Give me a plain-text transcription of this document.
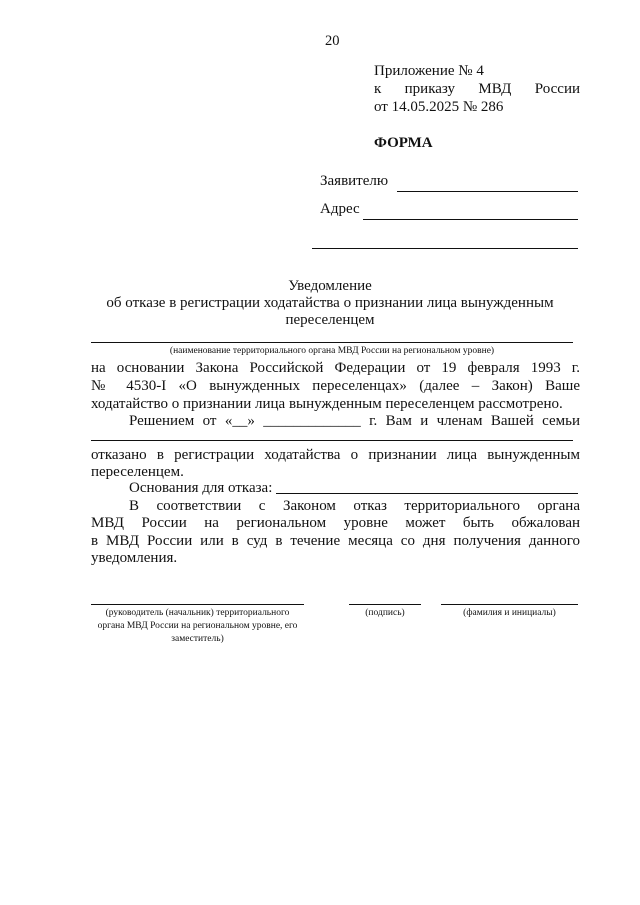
20
Приложение № 4
к приказу МВД России
от 14.05.2025 № 286
ФОРМА
Заявителю
Адрес
Уведомление
об отказе в регистрации ходатайства о признании лица вынужденным
переселенцем
(наименование территориального органа МВД России на региональном уровне)
на основании Закона Российской Федерации от 19 февраля 1993 г.
№ 4530-I «О вынужденных переселенцах» (далее – Закон) Ваше
ходатайство о признании лица вынужденным переселенцем рассмотрено.
Решением от «__» _____________ г. Вам и членам Вашей семьи
отказано в регистрации ходатайства о признании лица вынужденным
переселенцем.
Основания для отказа:
В соответствии с Законом отказ территориального органа
МВД России на региональном уровне может быть обжалован
в МВД России или в суд в течение месяца со дня получения данного
уведомления.
(руководитель (начальник) территориального
органа МВД России на региональном уровне, его
заместитель)
(подпись)	(фамилия и инициалы)
